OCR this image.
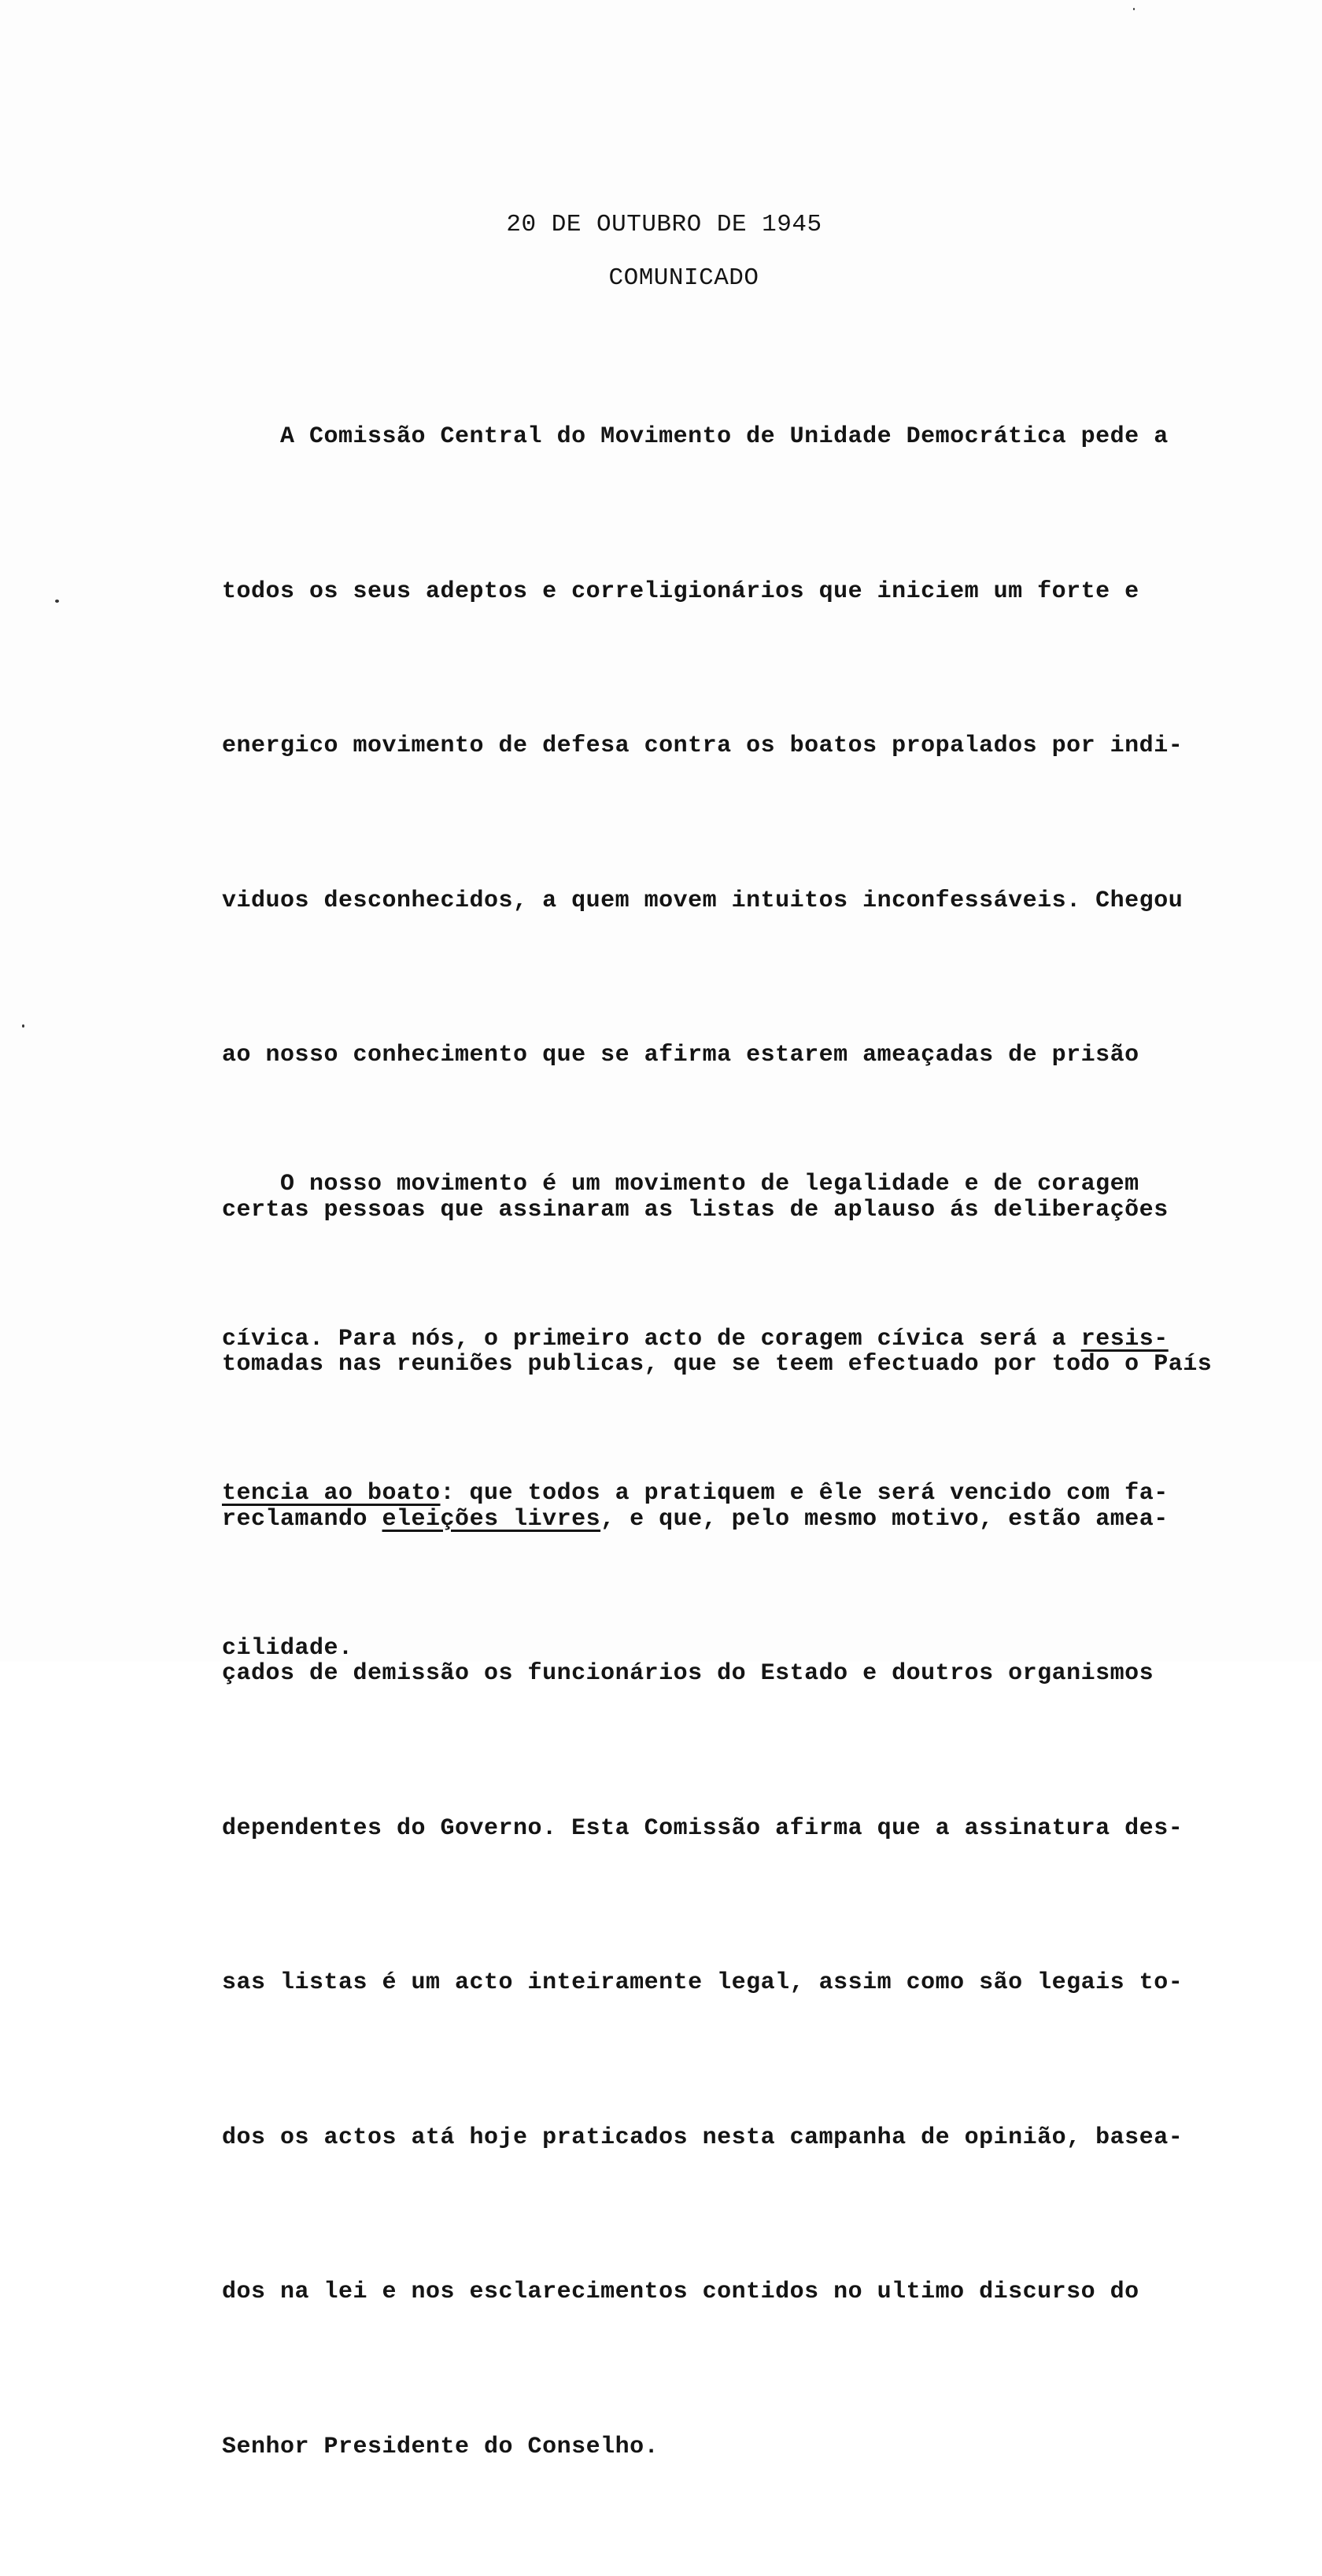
20 DE OUTUBRO DE 1945
COMUNICADO

A Comissão Central do Movimento de Unidade Democrática pede a

todos os seus adeptos e correligionários que iniciem um forte e

energico movimento de defesa contra os boatos propalados por indi-

viduos desconhecidos, a quem movem intuitos inconfessáveis. Chegou

ao nosso conhecimento que se afirma estarem ameaçadas de prisão

certas pessoas que assinaram as listas de aplauso ás deliberações

tomadas nas reuniões publicas, que se teem efectuado por todo o País

reclamando eleições livres, e que, pelo mesmo motivo, estão amea-

çados de demissão os funcionários do Estado e doutros organismos

dependentes do Governo. Esta Comissão afirma que a assinatura des-

sas listas é um acto inteiramente legal, assim como são legais to-

dos os actos atá hoje praticados nesta campanha de opinião, basea-

dos na lei e nos esclarecimentos contidos no ultimo discurso do

Senhor Presidente do Conselho.

O nosso movimento é um movimento de legalidade e de coragem

cívica. Para nós, o primeiro acto de coragem cívica será a resis-

tencia ao boato: que todos a pratiquem e êle será vencido com fa-

cilidade.
